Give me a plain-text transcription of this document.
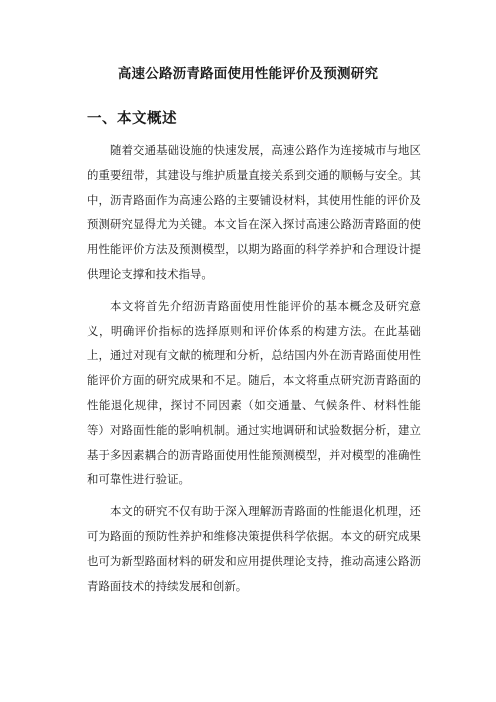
高速公路沥青路面使用性能评价及预测研究
一、本文概述

随着交通基础设施的快速发展，高速公路作为连接城市与地区的重要纽带，其建设与维护质量直接关系到交通的顺畅与安全。其中，沥青路面作为高速公路的主要铺设材料，其使用性能的评价及预测研究显得尤为关键。本文旨在深入探讨高速公路沥青路面的使用性能评价方法及预测模型，以期为路面的科学养护和合理设计提供理论支撑和技术指导。

本文将首先介绍沥青路面使用性能评价的基本概念及研究意义，明确评价指标的选择原则和评价体系的构建方法。在此基础上，通过对现有文献的梳理和分析，总结国内外在沥青路面使用性能评价方面的研究成果和不足。随后，本文将重点研究沥青路面的性能退化规律，探讨不同因素（如交通量、气候条件、材料性能等）对路面性能的影响机制。通过实地调研和试验数据分析，建立基于多因素耦合的沥青路面使用性能预测模型，并对模型的准确性和可靠性进行验证。

本文的研究不仅有助于深入理解沥青路面的性能退化机理，还可为路面的预防性养护和维修决策提供科学依据。本文的研究成果也可为新型路面材料的研发和应用提供理论支持，推动高速公路沥青路面技术的持续发展和创新。
